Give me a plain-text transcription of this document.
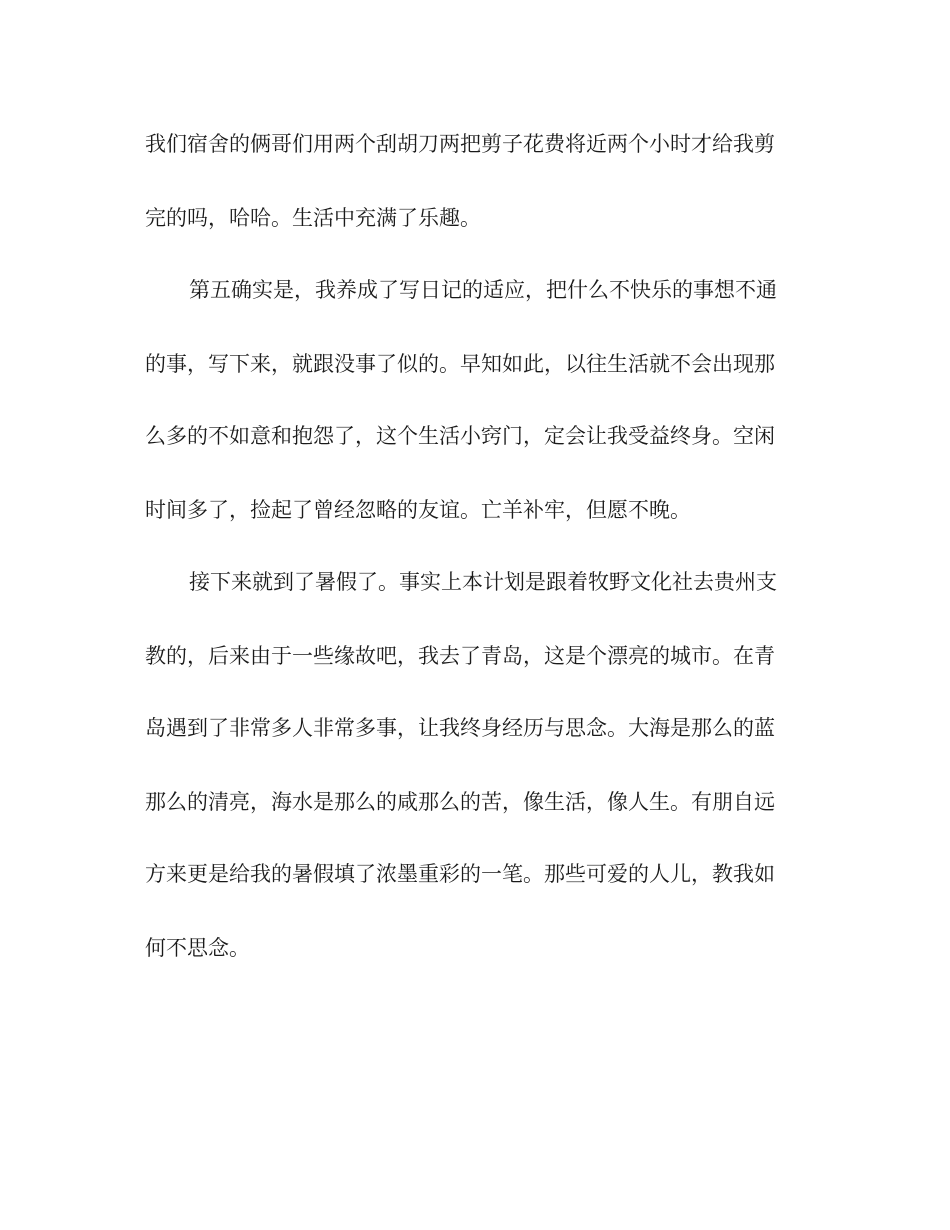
我们宿舍的俩哥们用两个刮胡刀两把剪子花费将近两个小时才给我剪
完的吗，哈哈。生活中充满了乐趣。
第五确实是，我养成了写日记的适应，把什么不快乐的事想不通
的事，写下来，就跟没事了似的。早知如此，以往生活就不会出现那
么多的不如意和抱怨了，这个生活小窍门，定会让我受益终身。空闲
时间多了，捡起了曾经忽略的友谊。亡羊补牢，但愿不晚。
接下来就到了暑假了。事实上本计划是跟着牧野文化社去贵州支
教的，后来由于一些缘故吧，我去了青岛，这是个漂亮的城市。在青
岛遇到了非常多人非常多事，让我终身经历与思念。大海是那么的蓝
那么的清亮，海水是那么的咸那么的苦，像生活，像人生。有朋自远
方来更是给我的暑假填了浓墨重彩的一笔。那些可爱的人儿，教我如
何不思念。
